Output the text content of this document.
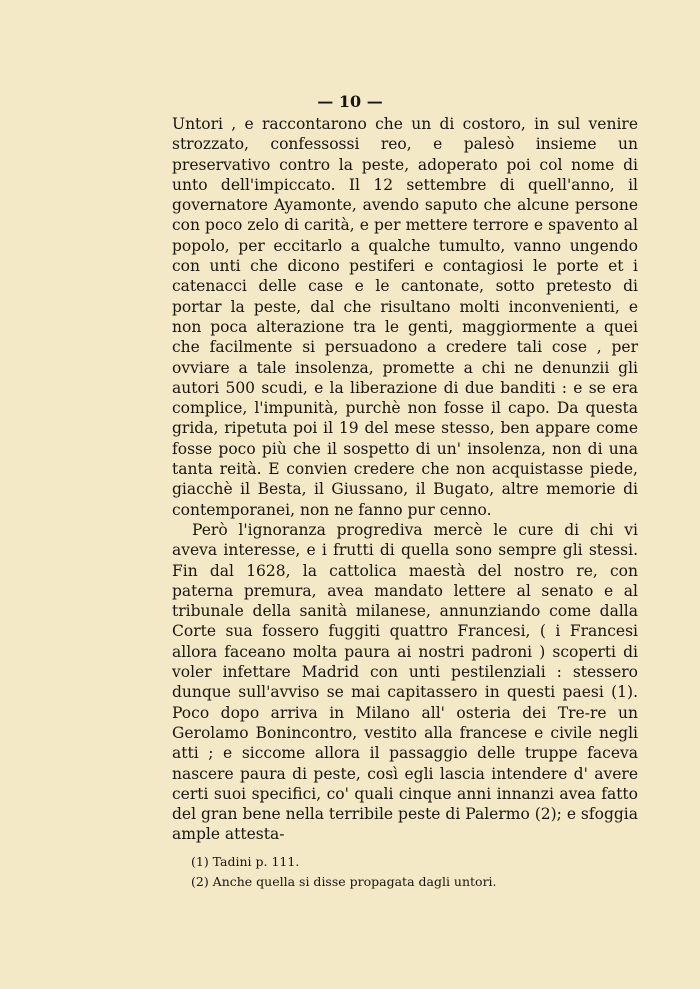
— 10 —

Untori , e raccontarono che un di costoro, in sul venire strozzato, confessossi reo, e palesò insieme un preservativo contro la peste, adoperato poi col nome di unto dell'impiccato. Il 12 settembre di quell'anno, il governatore Ayamonte, avendo saputo che alcune persone con poco zelo di carità, e per mettere terrore e spavento al popolo, per eccitarlo a qualche tumulto, vanno ungendo con unti che dicono pestiferi e contagiosi le porte et i catenacci delle case e le cantonate, sotto pretesto di portar la peste, dal che risultano molti inconvenienti, e non poca alterazione tra le genti, maggiormente a quei che facilmente si persuadono a credere tali cose , per ovviare a tale insolenza, promette a chi ne denunzii gli autori 500 scudi, e la liberazione di due banditi : e se era complice, l'impunità, purchè non fosse il capo. Da questa grida, ripetuta poi il 19 del mese stesso, ben appare come fosse poco più che il sospetto di un' insolenza, non di una tanta reità. E convien credere che non acquistasse piede, giacchè il Besta, il Giussano, il Bugato, altre memorie di contemporanei, non ne fanno pur cenno.

Però l'ignoranza progrediva mercè le cure di chi vi aveva interesse, e i frutti di quella sono sempre gli stessi. Fin dal 1628, la cattolica maestà del nostro re, con paterna premura, avea mandato lettere al senato e al tribunale della sanità milanese, annunziando come dalla Corte sua fossero fuggiti quattro Francesi, ( i Francesi allora faceano molta paura ai nostri padroni ) scoperti di voler infettare Madrid con unti pestilenziali : stessero dunque sull'avviso se mai capitassero in questi paesi (1). Poco dopo arriva in Milano all' osteria dei Tre-re un Gerolamo Bonincontro, vestito alla francese e civile negli atti ; e siccome allora il passaggio delle truppe faceva nascere paura di peste, così egli lascia intendere d' avere certi suoi specifici, co' quali cinque anni innanzi avea fatto del gran bene nella terribile peste di Palermo (2); e sfoggia ample attesta-

(1) Tadini p. 111.
(2) Anche quella si disse propagata dagli untori.
